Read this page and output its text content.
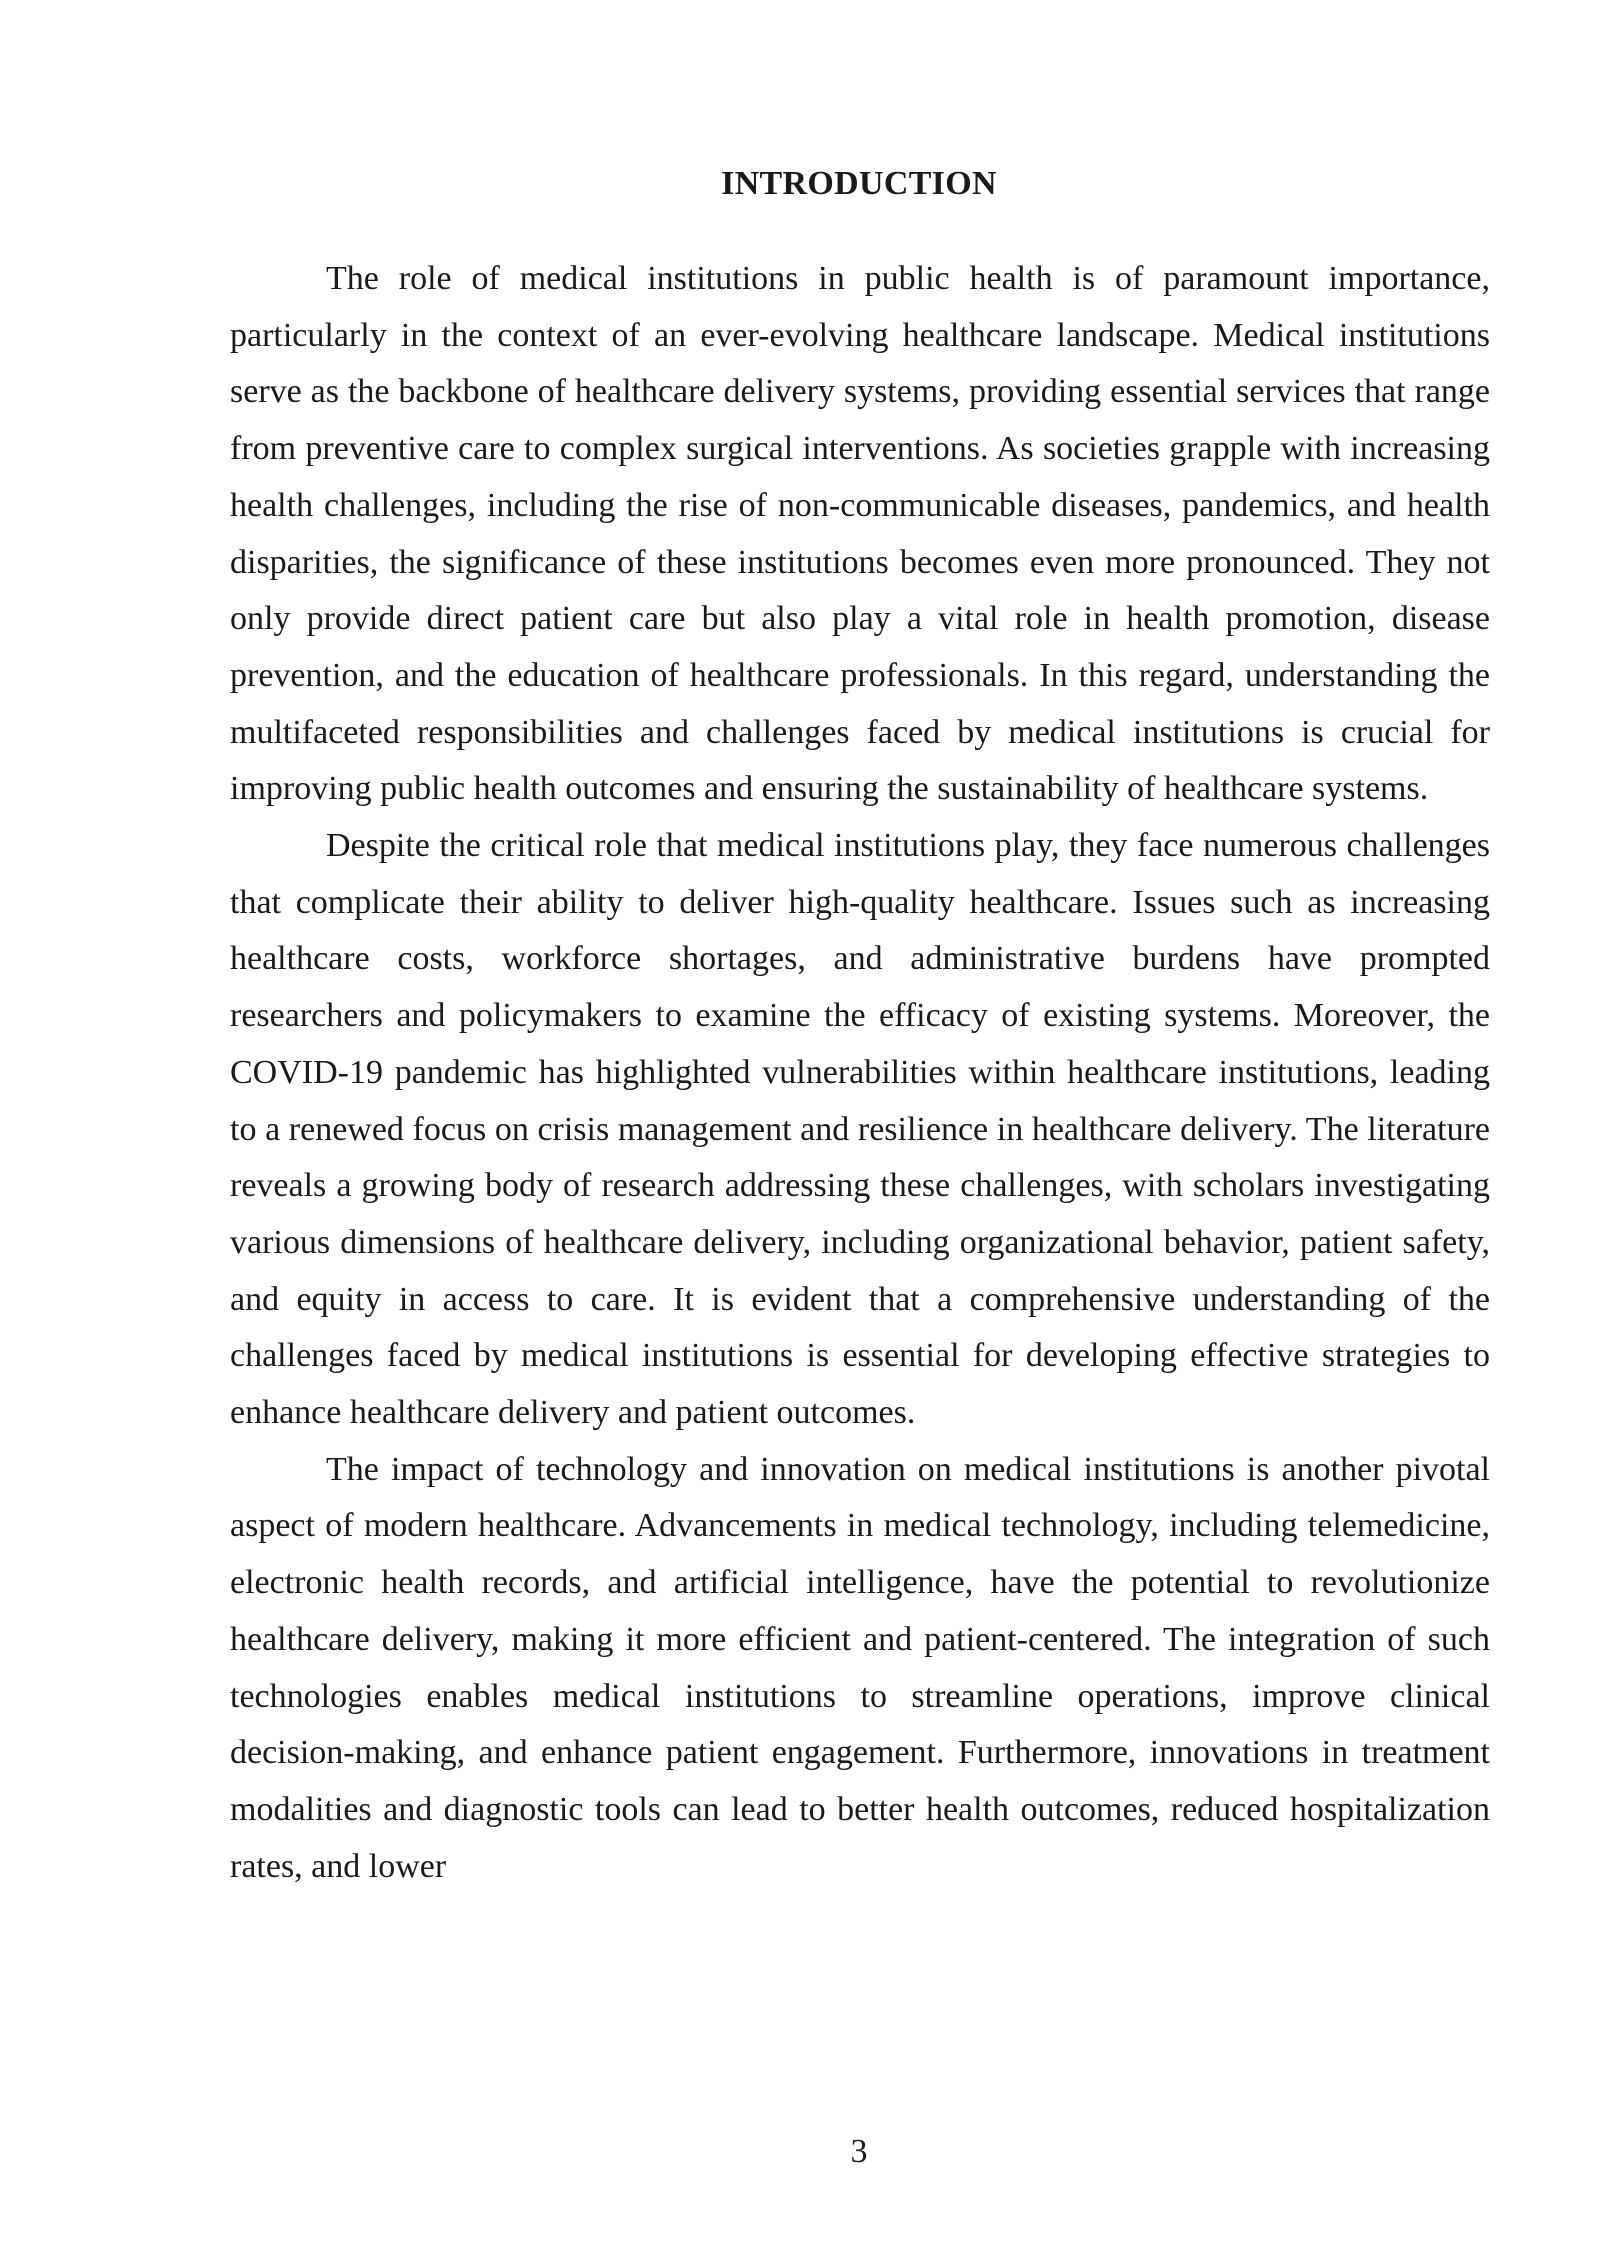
INTRODUCTION

The role of medical institutions in public health is of paramount importance, particularly in the context of an ever-evolving healthcare landscape. Medical institutions serve as the backbone of healthcare delivery systems, providing essential services that range from preventive care to complex surgical interventions. As societies grapple with increasing health challenges, including the rise of non-communicable diseases, pandemics, and health disparities, the significance of these institutions becomes even more pronounced. They not only provide direct patient care but also play a vital role in health promotion, disease prevention, and the education of healthcare professionals. In this regard, understanding the multifaceted responsibilities and challenges faced by medical institutions is crucial for improving public health outcomes and ensuring the sustainability of healthcare systems.

Despite the critical role that medical institutions play, they face numerous challenges that complicate their ability to deliver high-quality healthcare. Issues such as increasing healthcare costs, workforce shortages, and administrative burdens have prompted researchers and policymakers to examine the efficacy of existing systems. Moreover, the COVID-19 pandemic has highlighted vulnerabilities within healthcare institutions, leading to a renewed focus on crisis management and resilience in healthcare delivery. The literature reveals a growing body of research addressing these challenges, with scholars investigating various dimensions of healthcare delivery, including organizational behavior, patient safety, and equity in access to care. It is evident that a comprehensive understanding of the challenges faced by medical institutions is essential for developing effective strategies to enhance healthcare delivery and patient outcomes.

The impact of technology and innovation on medical institutions is another pivotal aspect of modern healthcare. Advancements in medical technology, including telemedicine, electronic health records, and artificial intelligence, have the potential to revolutionize healthcare delivery, making it more efficient and patient-centered. The integration of such technologies enables medical institutions to streamline operations, improve clinical decision-making, and enhance patient engagement. Furthermore, innovations in treatment modalities and diagnostic tools can lead to better health outcomes, reduced hospitalization rates, and lower

3
